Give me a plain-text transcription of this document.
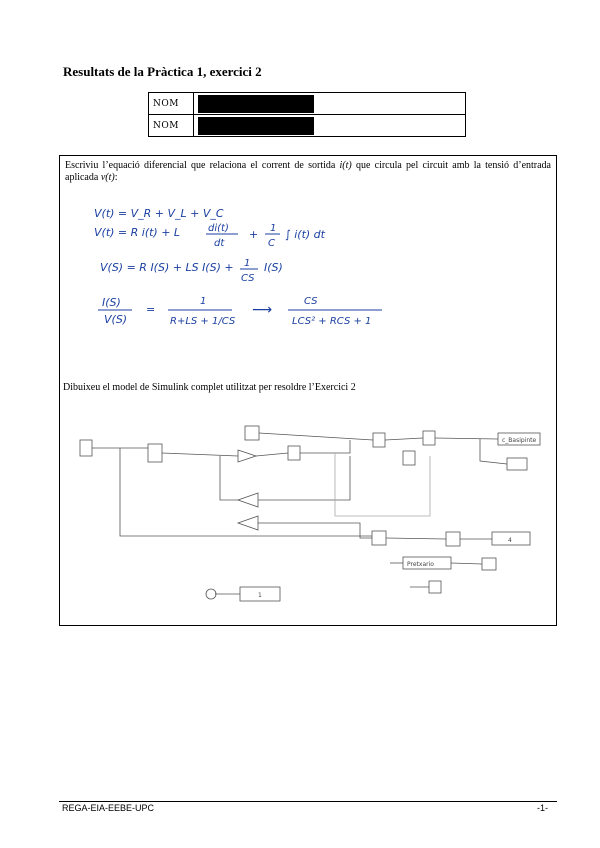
Resultats de la Pràctica 1, exercici 2
NOM	

NOM	
Escriviu l’equació diferencial que relaciona el corrent de sortida i(t) que circula pel circuit amb la tensió d’entrada aplicada v(t):
V(t) = V_R + V_L + V_C
V(t) = R i(t) + L	di(t)
dt
+ 1
C
∫ i(t) dt
V(S) = R I(S) + LS I(S) + 1
CS
I(S)
I(S)
V(S)
=
1
R+LS + 1/CS
⟶
CS
LCS² + RCS + 1
Dibuixeu el model de Simulink complet utilitzat per resoldre l’Exercici 2
c_Basipinte
4
Pretxario
1
REGA-EIA-EEBE-UPC	-1-
